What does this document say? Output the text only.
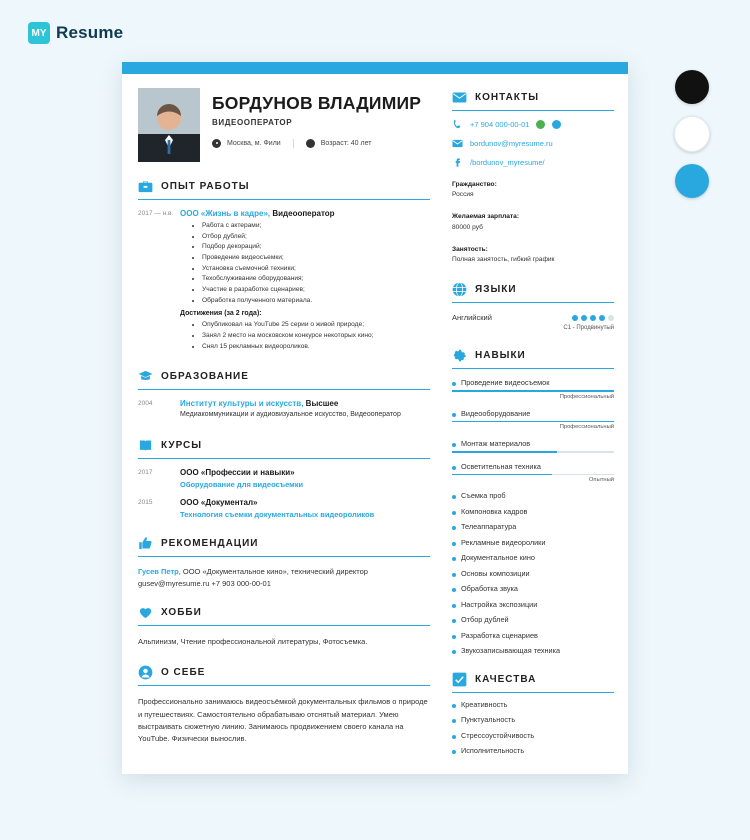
MY Resume
БОРДУНОВ ВЛАДИМИР
ВИДЕООПЕРАТОР
Москва, м. Фили	Возраст: 40 лет
ОПЫТ РАБОТЫ
2017 — н.в. ООО «Жизнь в кадре», Видеооператор
• Работа с актерами;
• Отбор дублей;
• Подбор декораций;
• Проведение видеосъемки;
• Установка съемочной техники;
• Техобслуживание оборудования;
• Участие в разработке сценариев;
• Обработка полученного материала.
Достижения (за 2 года):
• Опубликовал на YouTube 25 серии о живой природе;
• Занял 2 место на московском конкурсе некоторых кино;
• Снял 15 рекламных видеороликов.
ОБРАЗОВАНИЕ
2004	Институт культуры и искусств, Высшее
Медиакоммуникации и аудиовизуальное искусство, Видеооператор
КУРСЫ
2017	ООО «Профессии и навыки»
Оборудование для видеосъемки
2015	ООО «Документал»
Технология съемки документальных видеороликов
РЕКОМЕНДАЦИИ
Гусев Петр, ООО «Документальное кино», технический директор
gusev@myresume.ru +7 903 000-00-01
ХОББИ
Альпинизм, Чтение профессиональной литературы, Фотосъемка.
О СЕБЕ
Профессионально занимаюсь видеосъёмкой документальных фильмов о природе и путешествиях. Самостоятельно обрабатываю отснятый материал. Умею выстраивать сюжетную линию. Занимаюсь продвижением своего канала на YouTube. Физически вынослив.
КОНТАКТЫ
+7 904 000-00-01
bordunov@myresume.ru
/bordunov_myresume/
Гражданство:
Россия
Желаемая зарплата:
80000 руб
Занятость:
Полная занятость, гибкий график
ЯЗЫКИ
Английский
C1 - Продвинутый
НАВЫКИ
Проведение видеосъемок
Профессиональный
Видеооборудование
Профессиональный
Монтаж материалов
Осветительная техника
Опытный
Съемка проб
Компоновка кадров
Телеаппаратура
Рекламные видеоролики
Документальное кино
Основы композиции
Обработка звука
Настройка экспозиции
Отбор дублей
Разработка сценариев
Звукозаписывающая техника
КАЧЕСТВА
Креативность
Пунктуальность
Стрессоустойчивость
Исполнительность
